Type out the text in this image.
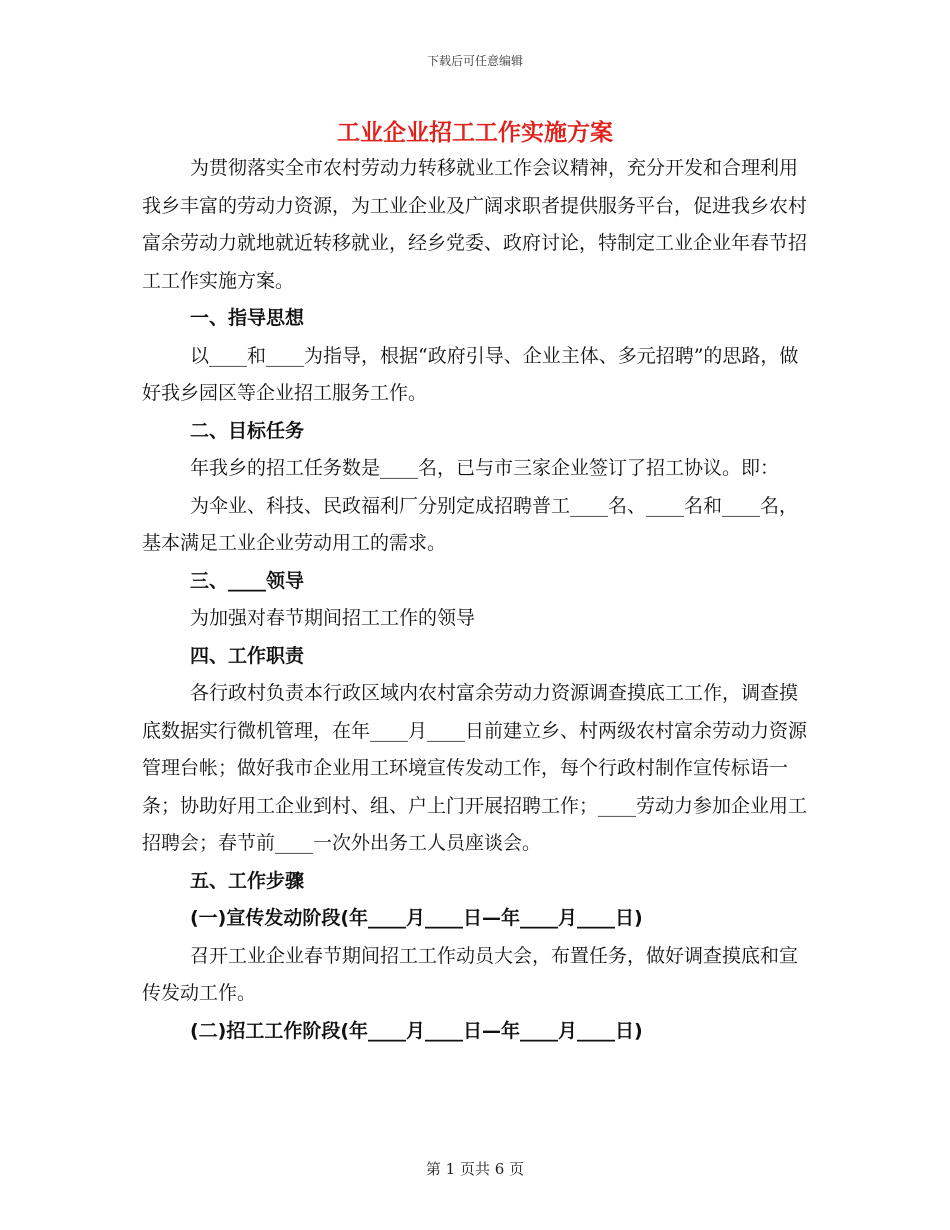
下载后可任意编辑
工业企业招工工作实施方案

为贯彻落实全市农村劳动力转移就业工作会议精神，充分开发和合理利用我乡丰富的劳动力资源，为工业企业及广阔求职者提供服务平台，促进我乡农村富余劳动力就地就近转移就业，经乡党委、政府讨论，特制定工业企业年春节招工工作实施方案。

一、指导思想

以____和____为指导，根据“政府引导、企业主体、多元招聘”的思路，做好我乡园区等企业招工服务工作。

二、目标任务

年我乡的招工任务数是____名，已与市三家企业签订了招工协议。即：

为伞业、科技、民政福利厂分别定成招聘普工____名、____名和____名，基本满足工业企业劳动用工的需求。

三、____领导

为加强对春节期间招工工作的领导

四、工作职责

各行政村负责本行政区域内农村富余劳动力资源调查摸底工工作，调查摸底数据实行微机管理，在年____月____日前建立乡、村两级农村富余劳动力资源管理台帐；做好我市企业用工环境宣传发动工作，每个行政村制作宣传标语一条；协助好用工企业到村、组、户上门开展招聘工作；____劳动力参加企业用工招聘会；春节前____一次外出务工人员座谈会。

五、工作步骤

(一)宣传发动阶段(年____月____日—年____月____日)

召开工业企业春节期间招工工作动员大会，布置任务，做好调查摸底和宣传发动工作。

(二)招工工作阶段(年____月____日—年____月____日)

第 1 页共 6 页
